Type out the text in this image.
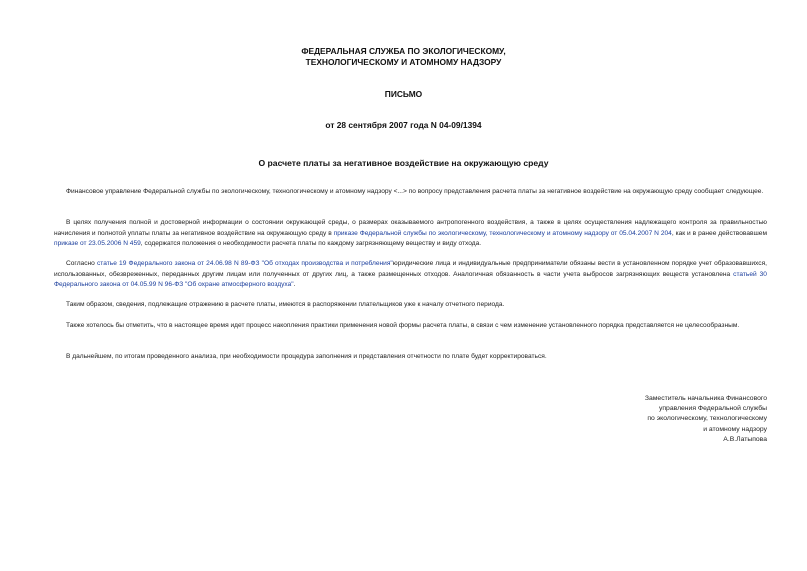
ФЕДЕРАЛЬНАЯ СЛУЖБА ПО ЭКОЛОГИЧЕСКОМУ,
ТЕХНОЛОГИЧЕСКОМУ И АТОМНОМУ НАДЗОРУ
ПИСЬМО
от 28 сентября 2007 года N 04-09/1394
О расчете платы за негативное воздействие на окружающую среду

Финансовое управление Федеральной службы по экологическому, технологическому и атомному надзору <...> по вопросу представления расчета платы за негативное воздействие на окружающую среду сообщает следующее.

В целях получения полной и достоверной информации о состоянии окружающей среды, о размерах оказываемого антропогенного воздействия, а также в целях осуществления надлежащего контроля за правильностью начисления и полнотой уплаты платы за негативное воздействие на окружающую среду в приказе Федеральной службы по экологическому, технологическому и атомному надзору от 05.04.2007 N 204, как и в ранее действовавшем приказе от 23.05.2006 N 459, содержатся положения о необходимости расчета платы по каждому загрязняющему веществу и виду отхода.

Согласно статье 19 Федерального закона от 24.06.98 N 89-ФЗ "Об отходах производства и потребления"юридические лица и индивидуальные предприниматели обязаны вести в установленном порядке учет образовавшихся, использованных, обезвреженных, переданных другим лицам или полученных от других лиц, а также размещенных отходов. Аналогичная обязанность в части учета выбросов загрязняющих веществ установлена статьей 30 Федерального закона от 04.05.99 N 96-ФЗ "Об охране атмосферного воздуха".

Таким образом, сведения, подлежащие отражению в расчете платы, имеются в распоряжении плательщиков уже к началу отчетного периода.

Также хотелось бы отметить, что в настоящее время идет процесс накопления практики применения новой формы расчета платы, в связи с чем изменение установленного порядка представляется не целесообразным.

В дальнейшем, по итогам проведенного анализа, при необходимости процедура заполнения и представления отчетности по плате будет корректироваться.

Заместитель начальника Финансового
управления Федеральной службы
по экологическому, технологическому
и атомному надзору
А.В.Латыпова
